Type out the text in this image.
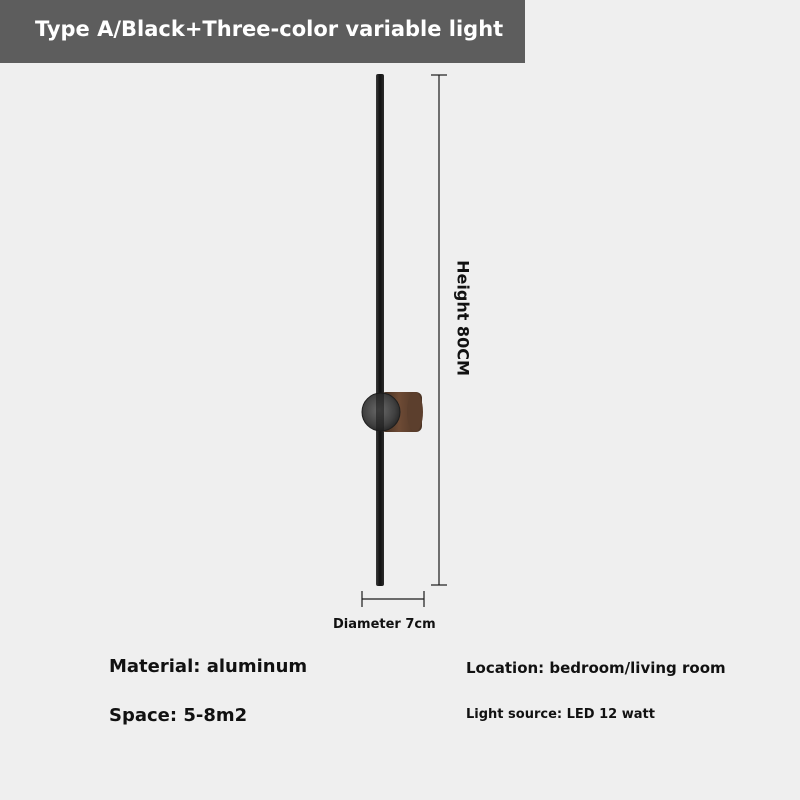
Type A/Black+Three-color variable light
Height 80CM
Diameter 7cm
Material: aluminum
Space: 5-8m2
Location: bedroom/living room
Light source: LED 12 watt
